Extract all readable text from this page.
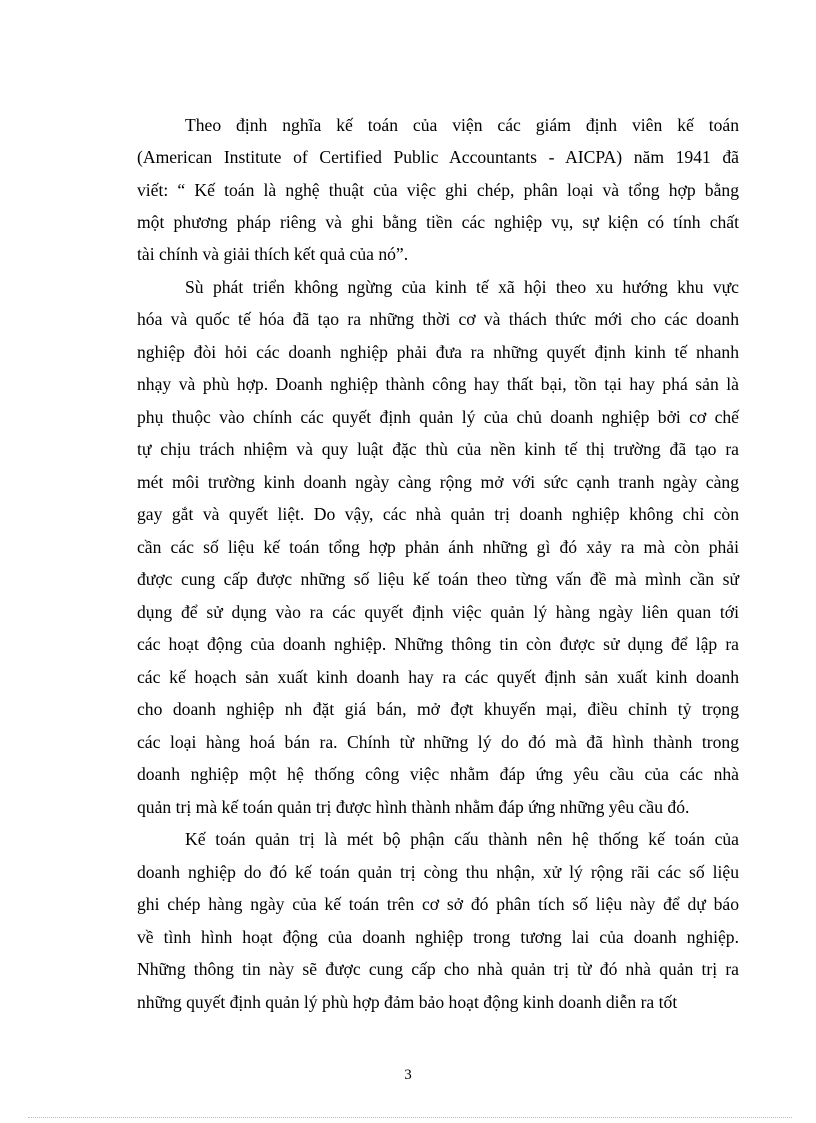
Theo định nghĩa kế toán của viện các giám định viên kế toán
(American Institute of Certified Public Accountants - AICPA) năm 1941 đã
viết: “ Kế toán là nghệ thuật của việc ghi chép, phân loại và tổng hợp bằng
một phương pháp riêng và ghi bằng tiền các nghiệp vụ, sự kiện có tính chất
tài chính và giải thích kết quả của nó”.
Sù phát triển không ngừng của kinh tế xã hội theo xu hướng khu vực
hóa và quốc tế hóa đã tạo ra những thời cơ và thách thức mới cho các doanh
nghiệp đòi hỏi các doanh nghiệp phải đưa ra những quyết định kinh tế nhanh
nhạy và phù hợp. Doanh nghiệp thành công hay thất bại, tồn tại hay phá sản là
phụ thuộc vào chính các quyết định quản lý của chủ doanh nghiệp bởi cơ chế
tự chịu trách nhiệm và quy luật đặc thù của nền kinh tế thị trường đã tạo ra
mét môi trường kinh doanh ngày càng rộng mở với sức cạnh tranh ngày càng
gay gắt và quyết liệt. Do vậy, các nhà quản trị doanh nghiệp không chỉ còn
cần các số liệu kế toán tổng hợp phản ánh những gì đó xảy ra mà còn phải
được cung cấp được những số liệu kế toán theo từng vấn đề mà mình cần sử
dụng để sử dụng vào ra các quyết định việc quản lý hàng ngày liên quan tới
các hoạt động của doanh nghiệp. Những thông tin còn được sử dụng để lập ra
các kế hoạch sản xuất kinh doanh hay ra các quyết định sản xuất kinh doanh
cho doanh nghiệp nh đặt giá bán, mở đợt khuyến mại, điều chỉnh tỷ trọng
các loại hàng hoá bán ra. Chính từ những lý do đó mà đã hình thành trong
doanh nghiệp một hệ thống công việc nhằm đáp ứng yêu cầu của các nhà
quản trị mà kế toán quản trị được hình thành nhằm đáp ứng những yêu cầu đó.
Kế toán quản trị là mét bộ phận cấu thành nên hệ thống kế toán của
doanh nghiệp do đó kế toán quản trị còng thu nhận, xử lý rộng rãi các số liệu
ghi chép hàng ngày của kế toán trên cơ sở đó phân tích số liệu này để dự báo
về tình hình hoạt động của doanh nghiệp trong tương lai của doanh nghiệp.
Những thông tin này sẽ được cung cấp cho nhà quản trị từ đó nhà quản trị ra
những quyết định quản lý phù hợp đảm bảo hoạt động kinh doanh diễn ra tốt
3
